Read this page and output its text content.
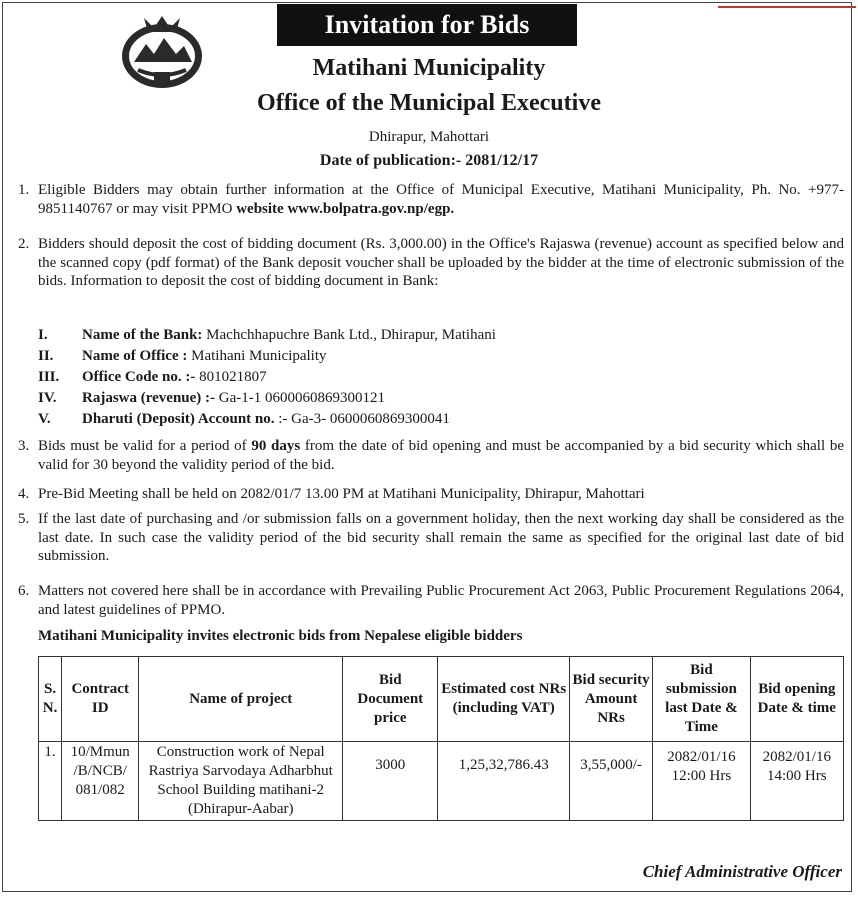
Invitation for Bids
Matihani Municipality
Office of the Municipal Executive
Dhirapur, Mahottari
Date of publication:- 2081/12/17
1. Eligible Bidders may obtain further information at the Office of Municipal Executive, Matihani Municipality, Ph. No. +977-9851140767 or may visit PPMO website www.bolpatra.gov.np/egp.
2. Bidders should deposit the cost of bidding document (Rs. 3,000.00) in the Office's Rajaswa (revenue) account as specified below and the scanned copy (pdf format) of the Bank deposit voucher shall be uploaded by the bidder at the time of electronic submission of the bids. Information to deposit the cost of bidding document in Bank:
I. Name of the Bank: Machchhapuchre Bank Ltd., Dhirapur, Matihani
II. Name of Office : Matihani Municipality
III. Office Code no. :- 801021807
IV. Rajaswa (revenue) :- Ga-1-1 0600060869300121
V. Dharuti (Deposit) Account no. :- Ga-3- 0600060869300041
3. Bids must be valid for a period of 90 days from the date of bid opening and must be accompanied by a bid security which shall be valid for 30 beyond the validity period of the bid.
4. Pre-Bid Meeting shall be held on 2082/01/7 13.00 PM at Matihani Municipality, Dhirapur, Mahottari
5. If the last date of purchasing and /or submission falls on a government holiday, then the next working day shall be considered as the last date. In such case the validity period of the bid security shall remain the same as specified for the original last date of bid submission.
6. Matters not covered here shall be in accordance with Prevailing Public Procurement Act 2063, Public Procurement Regulations 2064, and latest guidelines of PPMO.
Matihani Municipality invites electronic bids from Nepalese eligible bidders
S. N.	Contract ID	Name of project	Bid Document price	Estimated cost NRs (including VAT)	Bid security Amount NRs	Bid submission last Date & Time	Bid opening Date & time
1.	10/Mmun /B/NCB/ 081/082	Construction work of Nepal Rastriya Sarvodaya Adharbhut School Building matihani-2 (Dhirapur-Aabar)	3000	1,25,32,786.43	3,55,000/-	2082/01/16 12:00 Hrs	2082/01/16 14:00 Hrs
Chief Administrative Officer
